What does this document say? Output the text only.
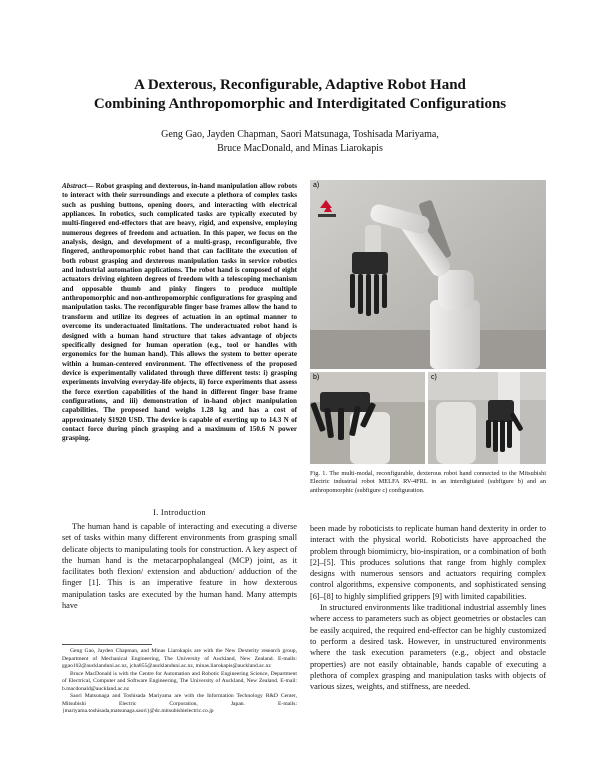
A Dexterous, Reconfigurable, Adaptive Robot Hand
Combining Anthropomorphic and Interdigitated Configurations
Geng Gao, Jayden Chapman, Saori Matsunaga, Toshisada Mariyama,
Bruce MacDonald, and Minas Liarokapis

Abstract— Robot grasping and dexterous, in-hand manipulation allow robots to interact with their surroundings and execute a plethora of complex tasks such as pushing buttons, opening doors, and interacting with electrical appliances. In robotics, such complicated tasks are typically executed by multi-fingered end-effectors that are heavy, rigid, and expensive, employing numerous degrees of freedom and actuation. In this paper, we focus on the analysis, design, and development of a multi-grasp, reconfigurable, five fingered, anthropomorphic robot hand that can facilitate the execution of both robust grasping and dexterous manipulation tasks in service robotics and industrial automation applications. The robot hand is composed of eight actuators driving eighteen degrees of freedom with a telescoping mechanism and opposable thumb and pinky fingers to produce multiple anthropomorphic and non-anthropomorphic configurations for grasping and manipulation tasks. The reconfigurable finger base frames allow the hand to transform and utilize its degrees of actuation in an optimal manner to overcome its underactuated limitations. The underactuated robot hand is designed with a human hand structure that takes advantage of objects specifically designed for human operation (e.g., tool or handles with ergonomics for the human hand). This allows the system to better operate within a human-centered environment. The effectiveness of the proposed device is experimentally validated through three different tests: i) grasping experiments involving everyday-life objects, ii) force experiments that assess the force exertion capabilities of the hand in different finger base frame configurations, and iii) demonstration of in-hand object manipulation capabilities. The proposed hand weighs 1.28 kg and has a cost of approximately $1920 USD. The device is capable of exerting up to 14.3 N of contact force during pinch grasping and a maximum of 150.6 N power grasping.

I. Introduction

The human hand is capable of interacting and executing a diverse set of tasks within many different environments from grasping small delicate objects to manipulating tools for construction. A key aspect of the human hand is the metacarpophalangeal (MCP) joint, as it facilitates both flexion/ extension and abduction/ adduction of the finger [1]. This is an imperative feature in how dexterous manipulation tasks are executed by the human hand. Many attempts have

Geng Gao, Jayden Chapman, and Minas Liarokapis are with the New Dexterity research group, Department of Mechanical Engineering, The University of Auckland, New Zealand. E-mails: ggao102@aucklanduni.ac.nz, jcha855@aucklanduni.ac.nz, minas.liarokapis@auckland.ac.nz

Bruce MacDonald is with the Centre for Automation and Robotic Engineering Science, Department of Electrical, Computer and Software Engineering, The University of Auckland, New Zealand. E-mail: b.macdonald@auckland.ac.nz

Saori Matsunaga and Toshisada Mariyama are with the Information Technology R&D Center, Mitsubishi Electric Corporation, Japan. E-mails: {mariyama.toshisada,matsunaga.saori}@dc.mitsubishielectric.co.jp

a)
b)	c)

Fig. 1. The multi-modal, reconfigurable, dexterous robot hand connected to the Mitsubishi Electric industrial robot MELFA RV-4FRL in an interdigitated (subfigure b) and an anthropomorphic (subfigure c) configuration.

been made by roboticists to replicate human hand dexterity in order to interact with the physical world. Roboticists have approached the problem through biomimicry, bio-inspiration, or a combination of both [2]–[5]. This produces solutions that range from highly complex designs with numerous sensors and actuators requiring complex control algorithms, expensive components, and sophisticated sensing [6]–[8] to highly simplified grippers [9] with limited capabilities.

In structured environments like traditional industrial assembly lines where access to parameters such as object geometries or obstacles can be easily acquired, the required end-effector can be highly customized to perform a desired task. However, in unstructured environments where the task execution parameters (e.g., object and obstacle properties) are not easily obtainable, hands capable of executing a plethora of complex grasping and manipulation tasks with objects of various sizes, weights, and stiffness, are needed.
